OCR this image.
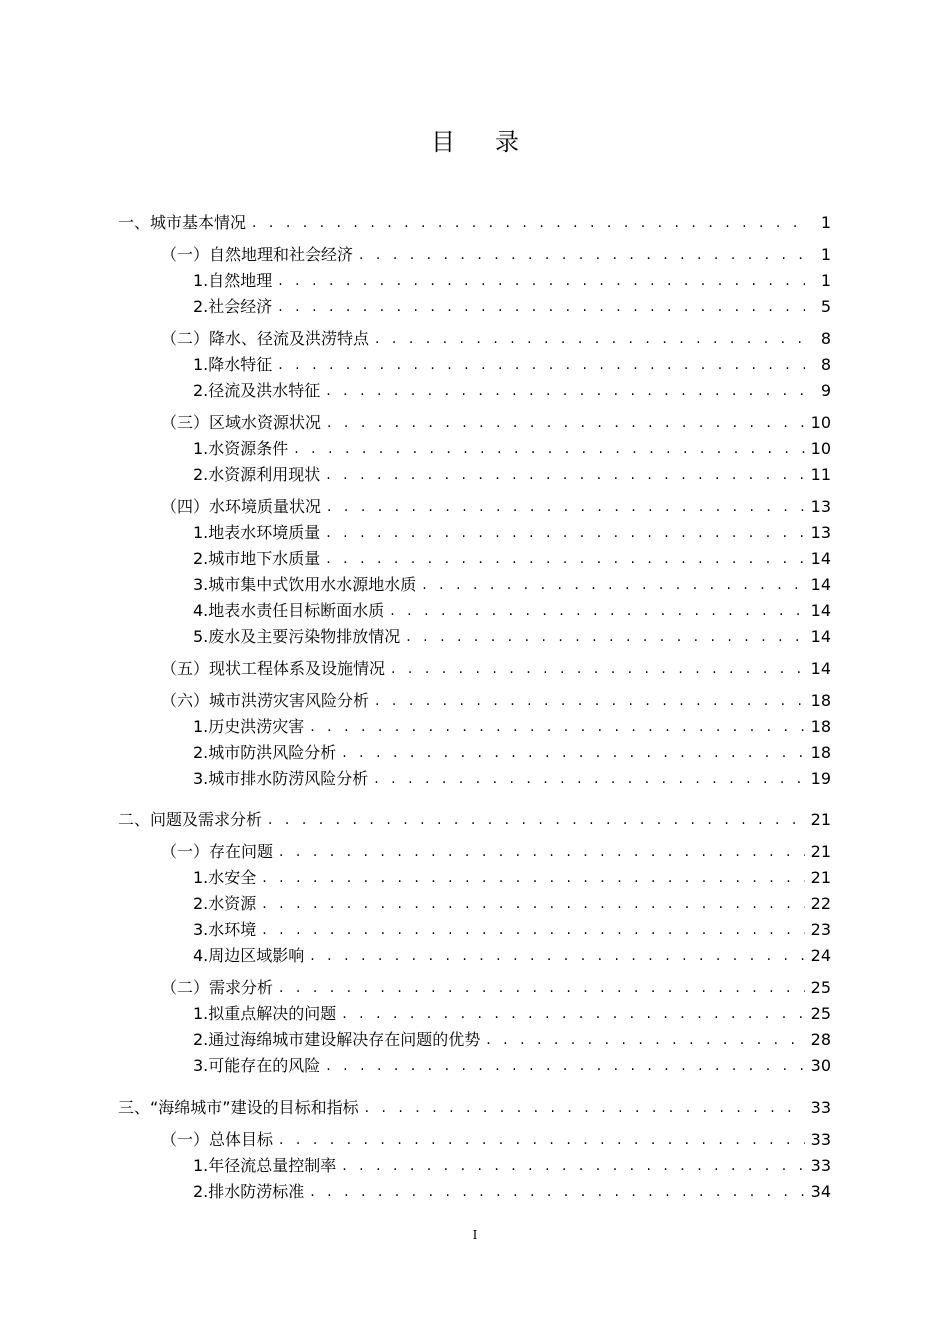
目录
一、城市基本情况 . . .	1
（一）自然地理和社会经济 . . .	1
1.自然地理 . . .	1
2.社会经济 . . .	5
（二）降水、径流及洪涝特点 . . .	8
1.降水特征 . . .	8
2.径流及洪水特征 . . .	9
（三）区域水资源状况 . . .	10
1.水资源条件 . . .	10
2.水资源利用现状 . . .	11
（四）水环境质量状况 . . .	13
1.地表水环境质量 . . .	13
2.城市地下水质量 . . .	14
3.城市集中式饮用水水源地水质 . . .	14
4.地表水责任目标断面水质 . . .	14
5.废水及主要污染物排放情况 . . .	14
（五）现状工程体系及设施情况 . . .	14
（六）城市洪涝灾害风险分析 . . .	18
1.历史洪涝灾害 . . .	18
2.城市防洪风险分析 . . .	18
3.城市排水防涝风险分析 . . .	19
二、问题及需求分析 . . .	21
（一）存在问题 . . .	21
1.水安全 . . .	21
2.水资源 . . .	22
3.水环境 . . .	23
4.周边区域影响 . . .	24
（二）需求分析 . . .	25
1.拟重点解决的问题 . . .	25
2.通过海绵城市建设解决存在问题的优势 . . .	28
3.可能存在的风险 . . .	30
三、“海绵城市”建设的目标和指标 . . .	33
（一）总体目标 . . .	33
1.年径流总量控制率 . . .	33
2.排水防涝标准 . . .	34
I
